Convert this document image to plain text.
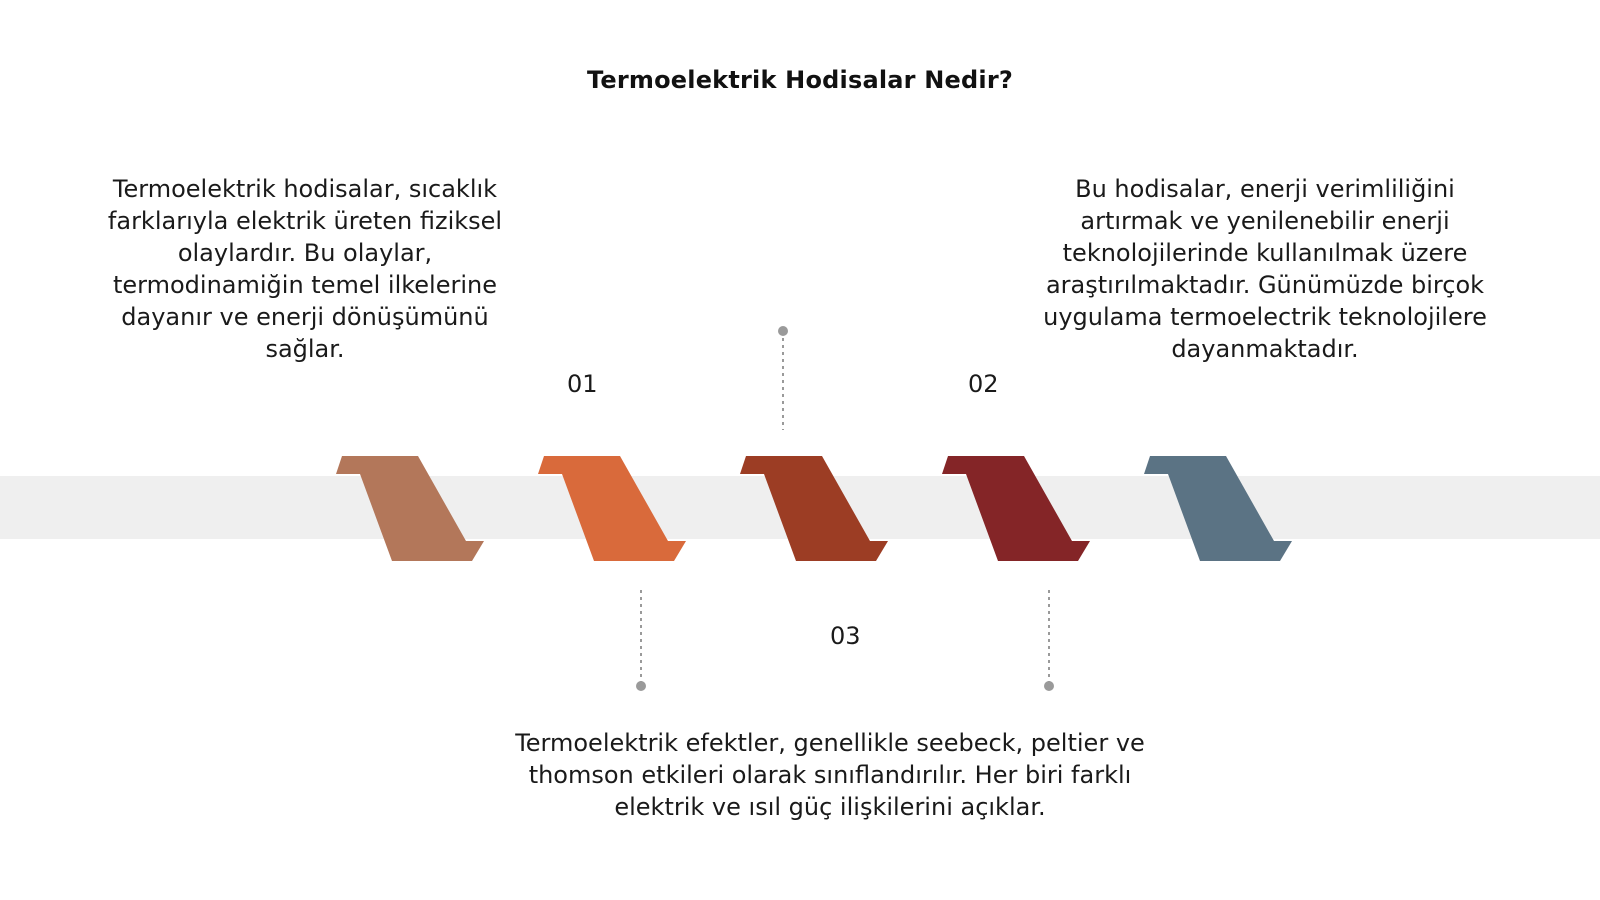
Termoelektrik Hodisalar Nedir?
Termoelektrik hodisalar, sıcaklık farklarıyla elektrik üreten fiziksel olaylardır. Bu olaylar, termodinamiğin temel ilkelerine dayanır ve enerji dönüşümünü sağlar.
Bu hodisalar, enerji verimliliğini artırmak ve yenilenebilir enerji teknolojilerinde kullanılmak üzere araştırılmaktadır. Günümüzde birçok uygulama termoelectrik teknolojilere dayanmaktadır.
Termoelektrik efektler, genellikle seebeck, peltier ve thomson etkileri olarak sınıflandırılır. Her biri farklı elektrik ve ısıl güç ilişkilerini açıklar.
01	02
03
